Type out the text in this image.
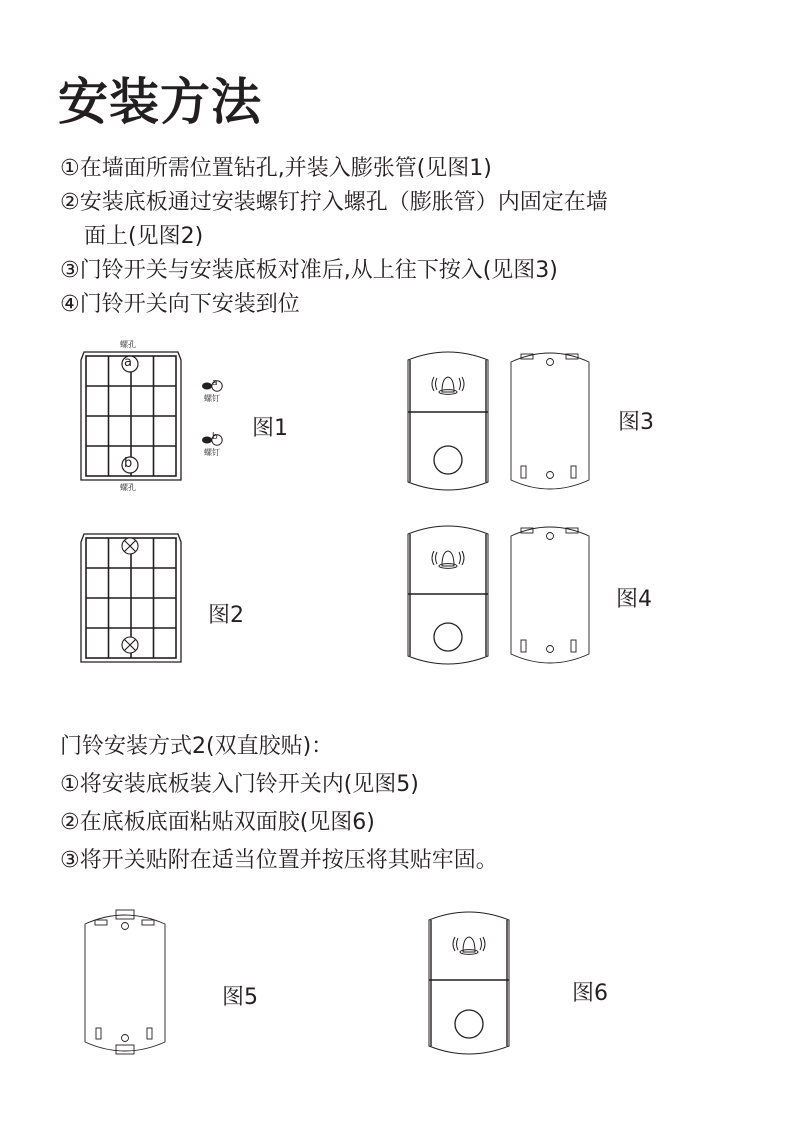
安装方法
①在墙面所需位置钻孔,并装入膨张管(见图1)
②安装底板通过安装螺钉拧入螺孔（膨胀管）内固定在墙
面上(见图2)
③门铃开关与安装底板对准后,从上往下按入(见图3)
④门铃开关向下安装到位
螺孔
a
b
螺孔
a
螺钉
b
螺钉
图1
图2
图3
图4
门铃安装方式2(双直胶贴)：
①将安装底板装入门铃开关内(见图5)
②在底板底面粘贴双面胶(见图6)
③将开关贴附在适当位置并按压将其贴牢固。
图5	图6
